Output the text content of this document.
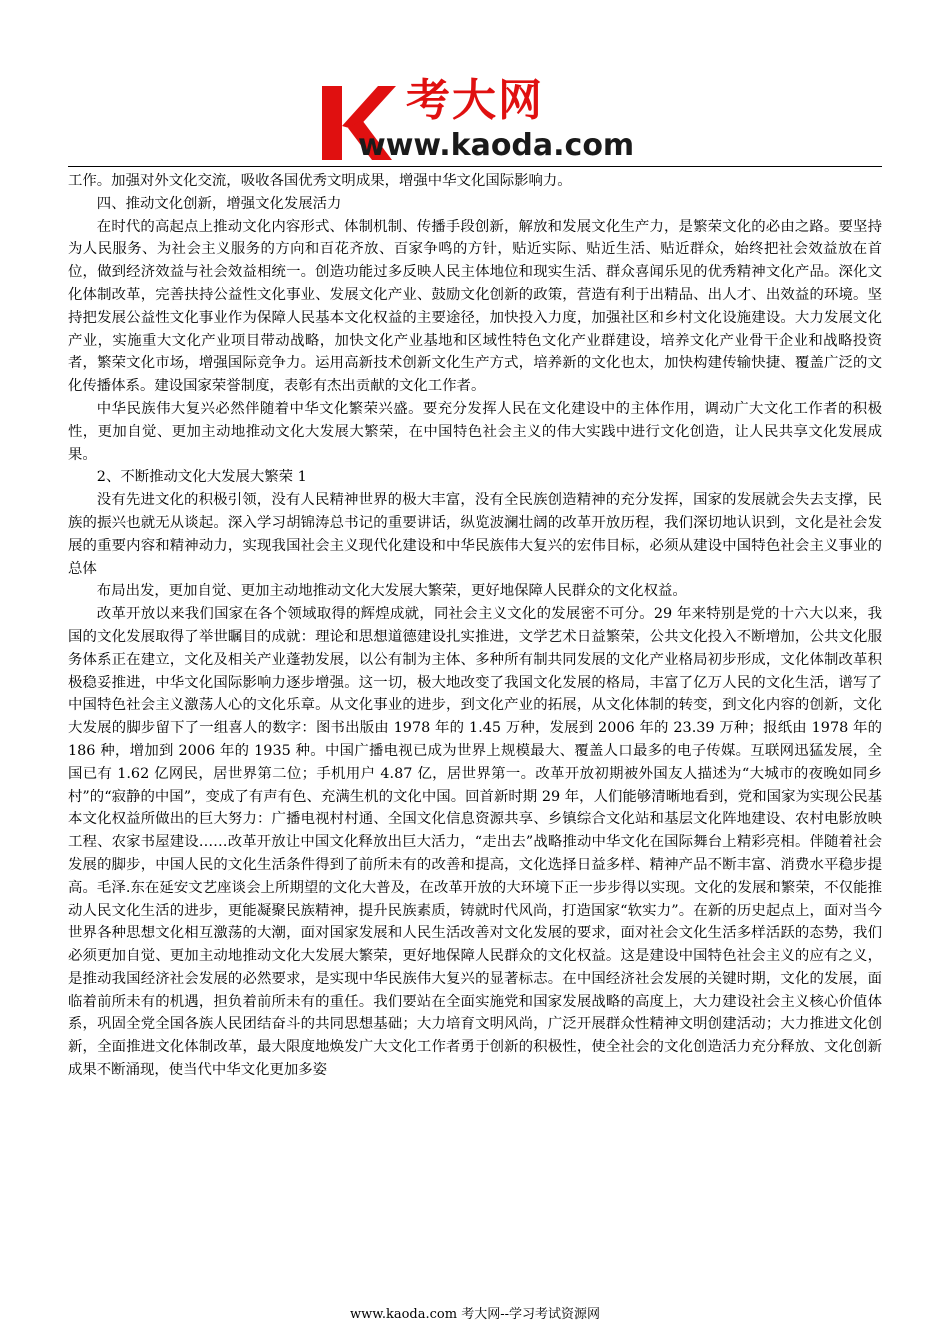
考大网
www.kaoda.com

工作。加强对外文化交流，吸收各国优秀文明成果，增强中华文化国际影响力。

四、推动文化创新，增强文化发展活力

在时代的高起点上推动文化内容形式、体制机制、传播手段创新，解放和发展文化生产力，是繁荣文化的必由之路。要坚持为人民服务、为社会主义服务的方向和百花齐放、百家争鸣的方针，贴近实际、贴近生活、贴近群众，始终把社会效益放在首位，做到经济效益与社会效益相统一。创造功能过多反映人民主体地位和现实生活、群众喜闻乐见的优秀精神文化产品。深化文化体制改革，完善扶持公益性文化事业、发展文化产业、鼓励文化创新的政策，营造有利于出精品、出人才、出效益的环境。坚持把发展公益性文化事业作为保障人民基本文化权益的主要途径，加快投入力度，加强社区和乡村文化设施建设。大力发展文化产业，实施重大文化产业项目带动战略，加快文化产业基地和区域性特色文化产业群建设，培养文化产业骨干企业和战略投资者，繁荣文化市场，增强国际竞争力。运用高新技术创新文化生产方式，培养新的文化也太，加快构建传输快捷、覆盖广泛的文化传播体系。建设国家荣誉制度，表彰有杰出贡献的文化工作者。

中华民族伟大复兴必然伴随着中华文化繁荣兴盛。要充分发挥人民在文化建设中的主体作用，调动广大文化工作者的积极性，更加自觉、更加主动地推动文化大发展大繁荣，在中国特色社会主义的伟大实践中进行文化创造，让人民共享文化发展成果。

2、不断推动文化大发展大繁荣 1

没有先进文化的积极引领，没有人民精神世界的极大丰富，没有全民族创造精神的充分发挥，国家的发展就会失去支撑，民族的振兴也就无从谈起。深入学习胡锦涛总书记的重要讲话，纵览波澜壮阔的改革开放历程，我们深切地认识到，文化是社会发展的重要内容和精神动力，实现我国社会主义现代化建设和中华民族伟大复兴的宏伟目标，必须从建设中国特色社会主义事业的总体

布局出发，更加自觉、更加主动地推动文化大发展大繁荣，更好地保障人民群众的文化权益。

改革开放以来我们国家在各个领域取得的辉煌成就，同社会主义文化的发展密不可分。29 年来特别是党的十六大以来，我国的文化发展取得了举世瞩目的成就：理论和思想道德建设扎实推进，文学艺术日益繁荣，公共文化投入不断增加，公共文化服务体系正在建立，文化及相关产业蓬勃发展，以公有制为主体、多种所有制共同发展的文化产业格局初步形成，文化体制改革积极稳妥推进，中华文化国际影响力逐步增强。这一切，极大地改变了我国文化发展的格局，丰富了亿万人民的文化生活，谱写了中国特色社会主义激荡人心的文化乐章。从文化事业的进步，到文化产业的拓展，从文化体制的转变，到文化内容的创新，文化大发展的脚步留下了一组喜人的数字：图书出版由 1978 年的 1.45 万种，发展到 2006 年的 23.39 万种；报纸由 1978 年的 186 种，增加到 2006 年的 1935 种。中国广播电视已成为世界上规模最大、覆盖人口最多的电子传媒。互联网迅猛发展，全国已有 1.62 亿网民，居世界第二位；手机用户 4.87 亿，居世界第一。改革开放初期被外国友人描述为“大城市的夜晚如同乡村”的“寂静的中国”，变成了有声有色、充满生机的文化中国。回首新时期 29 年，人们能够清晰地看到，党和国家为实现公民基本文化权益所做出的巨大努力：广播电视村村通、全国文化信息资源共享、乡镇综合文化站和基层文化阵地建设、农村电影放映工程、农家书屋建设……改革开放让中国文化释放出巨大活力，“走出去”战略推动中华文化在国际舞台上精彩亮相。伴随着社会发展的脚步，中国人民的文化生活条件得到了前所未有的改善和提高，文化选择日益多样、精神产品不断丰富、消费水平稳步提高。毛泽.东在延安文艺座谈会上所期望的文化大普及，在改革开放的大环境下正一步步得以实现。文化的发展和繁荣，不仅能推动人民文化生活的进步，更能凝聚民族精神，提升民族素质，铸就时代风尚，打造国家“软实力”。在新的历史起点上，面对当今世界各种思想文化相互激荡的大潮，面对国家发展和人民生活改善对文化发展的要求，面对社会文化生活多样活跃的态势，我们必须更加自觉、更加主动地推动文化大发展大繁荣，更好地保障人民群众的文化权益。这是建设中国特色社会主义的应有之义，是推动我国经济社会发展的必然要求，是实现中华民族伟大复兴的显著标志。在中国经济社会发展的关键时期，文化的发展，面临着前所未有的机遇，担负着前所未有的重任。我们要站在全面实施党和国家发展战略的高度上，大力建设社会主义核心价值体系，巩固全党全国各族人民团结奋斗的共同思想基础；大力培育文明风尚，广泛开展群众性精神文明创建活动；大力推进文化创新，全面推进文化体制改革，最大限度地焕发广大文化工作者勇于创新的积极性，使全社会的文化创造活力充分释放、文化创新成果不断涌现，使当代中华文化更加多姿

www.kaoda.com 考大网--学习考试资源网
